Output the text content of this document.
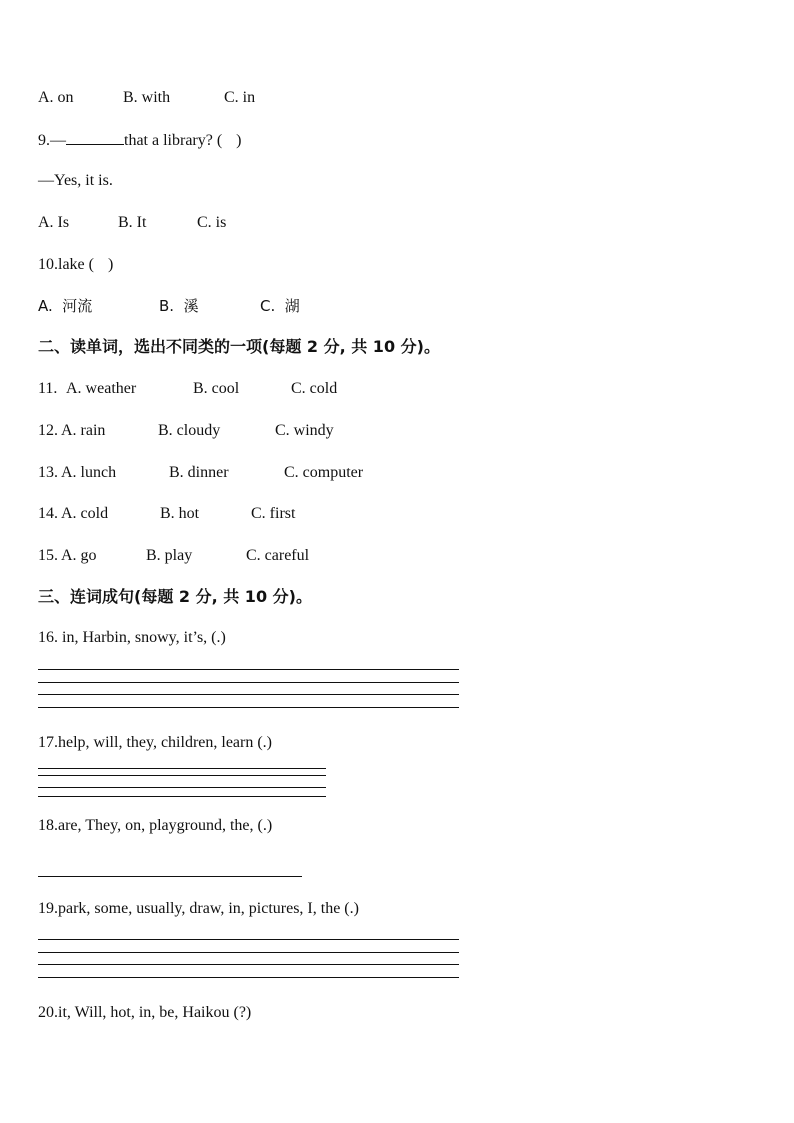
A. on	B. with	C. in
9.—	that a library? ( )
—Yes, it is.
A. Is	B. It	C. is
10.lake ( )
A.  河流	B.  溪	C.  湖
二、读单词，选出不同类的一项(每题 2 分, 共 10 分)。
11. A. weather	B. cool	C. cold
12. A. rain	B. cloudy	C. windy
13. A. lunch	B. dinner	C. computer
14. A. cold	B. hot	C. first
15. A. go	B. play	C. careful
三、连词成句(每题 2 分, 共 10 分)。
16. in, Harbin, snowy, it’s, (.)
17.help, will, they, children, learn (.)
18.are, They, on, playground, the, (.)
19.park, some, usually, draw, in, pictures, I, the (.)
20.it, Will, hot, in, be, Haikou (?)
